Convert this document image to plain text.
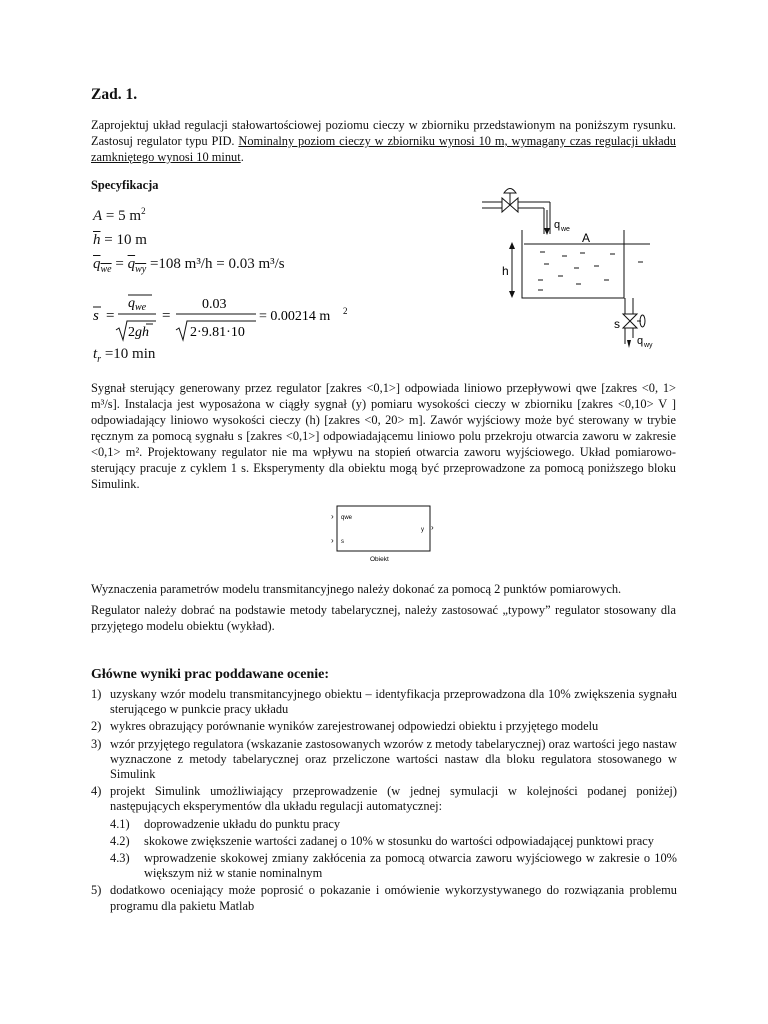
Zad. 1.
Zaprojektuj układ regulacji stałowartościowej poziomu cieczy w zbiorniku przedstawionym na poniższym rysunku. Zastosuj regulator typu PID. Nominalny poziom cieczy w zbiorniku wynosi 10 m, wymagany czas regulacji układu zamkniętego wynosi 10 minut.
Specyfikacja
A = 5 $m^2$
$\overline{h} = 10$ m
$q_{we} = q_{wy} =108$ m³/h = 0.03 m³/s
s =
$q_{we}$
2gh
=
0.03
2·9.81·10
= 0.00214 m 2
$t_r =10$ min
q we
A
h
s
q wy
Sygnał sterujący generowany przez regulator [zakres <0,1>] odpowiada liniowo przepływowi qwe [zakres <0, 1> m³/s]. Instalacja jest wyposażona w ciągły sygnał (y) pomiaru wysokości cieczy w zbiorniku [zakres <0,10> V ] odpowiadający liniowo wysokości cieczy (h) [zakres <0, 20> m]. Zawór wyjściowy może być sterowany w trybie ręcznym za pomocą sygnału s [zakres <0,1>] odpowiadającemu liniowo polu przekroju otwarcia zaworu w zakresie <0,1> m². Projektowany regulator nie ma wpływu na stopień otwarcia zaworu wyjściowego. Układ pomiarowo-sterujący pracuje z cyklem 1 s. Eksperymenty dla obiektu mogą być przeprowadzone za pomocą poniższego bloku Simulink.
›
›
›
qwe
s
y
Obiekt
Wyznaczenia parametrów modelu transmitancyjnego należy dokonać za pomocą 2 punktów pomiarowych.
Regulator należy dobrać na podstawie metody tabelarycznej, należy zastosować „typowy” regulator stosowany dla przyjętego modelu obiektu (wykład).
Główne wyniki prac poddawane ocenie:
1) uzyskany wzór modelu transmitancyjnego obiektu – identyfikacja przeprowadzona dla 10% zwiększenia sygnału sterującego w punkcie pracy układu
2) wykres obrazujący porównanie wyników zarejestrowanej odpowiedzi obiektu i przyjętego modelu
3) wzór przyjętego regulatora (wskazanie zastosowanych wzorów z metody tabelarycznej) oraz wartości jego nastaw wyznaczone z metody tabelarycznej oraz przeliczone wartości nastaw dla bloku regulatora stosowanego w Simulink
4) projekt Simulink umożliwiający przeprowadzenie (w jednej symulacji w kolejności podanej poniżej) następujących eksperymentów dla układu regulacji automatycznej:
4.1) doprowadzenie układu do punktu pracy
4.2) skokowe zwiększenie wartości zadanej o 10% w stosunku do wartości odpowiadającej punktowi pracy
4.3) wprowadzenie skokowej zmiany zakłócenia za pomocą otwarcia zaworu wyjściowego w zakresie o 10% większym niż w stanie nominalnym
5) dodatkowo oceniający może poprosić o pokazanie i omówienie wykorzystywanego do rozwiązania problemu programu dla pakietu Matlab
